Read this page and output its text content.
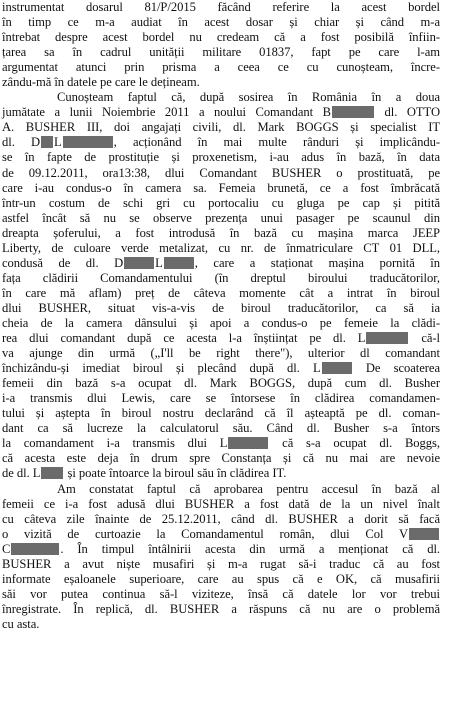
instrumentat dosarul 81/P/2015 făcând referire la acest bordel
în timp ce m-a audiat în acest dosar și chiar și când m-a
întrebat despre acest bordel nu credeam că a fost posibilă înfiin-
țarea sa în cadrul unității militare 01837, fapt pe care l-am
argumentat atunci prin prisma a ceea ce cu cunoșteam, încre-
zându-mă în datele pe care le dețineam.
Cunoșteam faptul că, după sosirea în România în a doua
jumătate a lunii Noiembrie 2011 a noului Comandant B	dl. OTTO
A. BUSHER III, doi angajați civili, dl. Mark BOGGS și specialist IT
dl. D L	, acționând în mai multe rânduri și implicându-
se în fapte de prostituție și proxenetism, i-au adus în bază, în data
de 09.12.2011, ora13:38, dlui Comandant BUSHER o prostituată, pe
care i-au condus-o în camera sa. Femeia brunetă, ce a fost îmbrăcată
într-un costum de schi gri cu portocaliu cu gluga pe cap și pitită
astfel încât să nu se observe prezența unui pasager pe scaunul din
dreapta șoferului, a fost introdusă în bază cu mașina marca JEEP
Liberty, de culoare verde metalizat, cu nr. de înmatriculare CT 01 DLL,
condusă de dl. D	L	, care a staționat mașina pornită în
fața clădirii Comandamentului (în dreptul biroului traducătorilor,
în care mă aflam) preț de câteva momente cât a intrat în biroul
dlui BUSHER, situat vis-a-vis de biroul traducătorilor, ca să ia
cheia de la camera dânsului și apoi a condus-o pe femeie la clădi-
rea dlui comandant după ce acesta l-a înștiințat pe dl. L	că-l
va ajunge din urmă („I'll be right there"), ulterior dl comandant
închizându-și imediat biroul și plecând după dl. L	De scoaterea
femeii din bază s-a ocupat dl. Mark BOGGS, după cum dl. Busher
i-a transmis dlui Lewis, care se întorsese în clădirea comandamen-
tului și aștepta în biroul nostru declarând că îl așteaptă pe dl. coman-
dant ca să lucreze la calculatorul său. Când dl. Busher s-a întors
la comandament i-a transmis dlui L	că s-a ocupat dl. Boggs,
că acesta este deja în drum spre Constanța și că nu mai are nevoie
de dl. L și poate întoarce la biroul său în clădirea IT.
Am constatat faptul că aprobarea pentru accesul în bază al
femeii ce i-a fost adusă dlui BUSHER a fost dată de la un nivel înalt
cu câteva zile înainte de 25.12.2011, când dl. BUSHER a dorit să facă
o vizită de curtoazie la Comandamentul român, dlui Col V
C	. În timpul întâlnirii acesta din urmă a menționat că dl.
BUSHER a avut niște musafiri și m-a rugat să-i traduc că au fost
informate eșaloanele superioare, care au spus că e OK, că musafirii
săi vor putea continua să-l viziteze, însă că datele lor vor trebui
înregistrate. În replică, dl. BUSHER a răspuns că nu are o problemă
cu asta.
